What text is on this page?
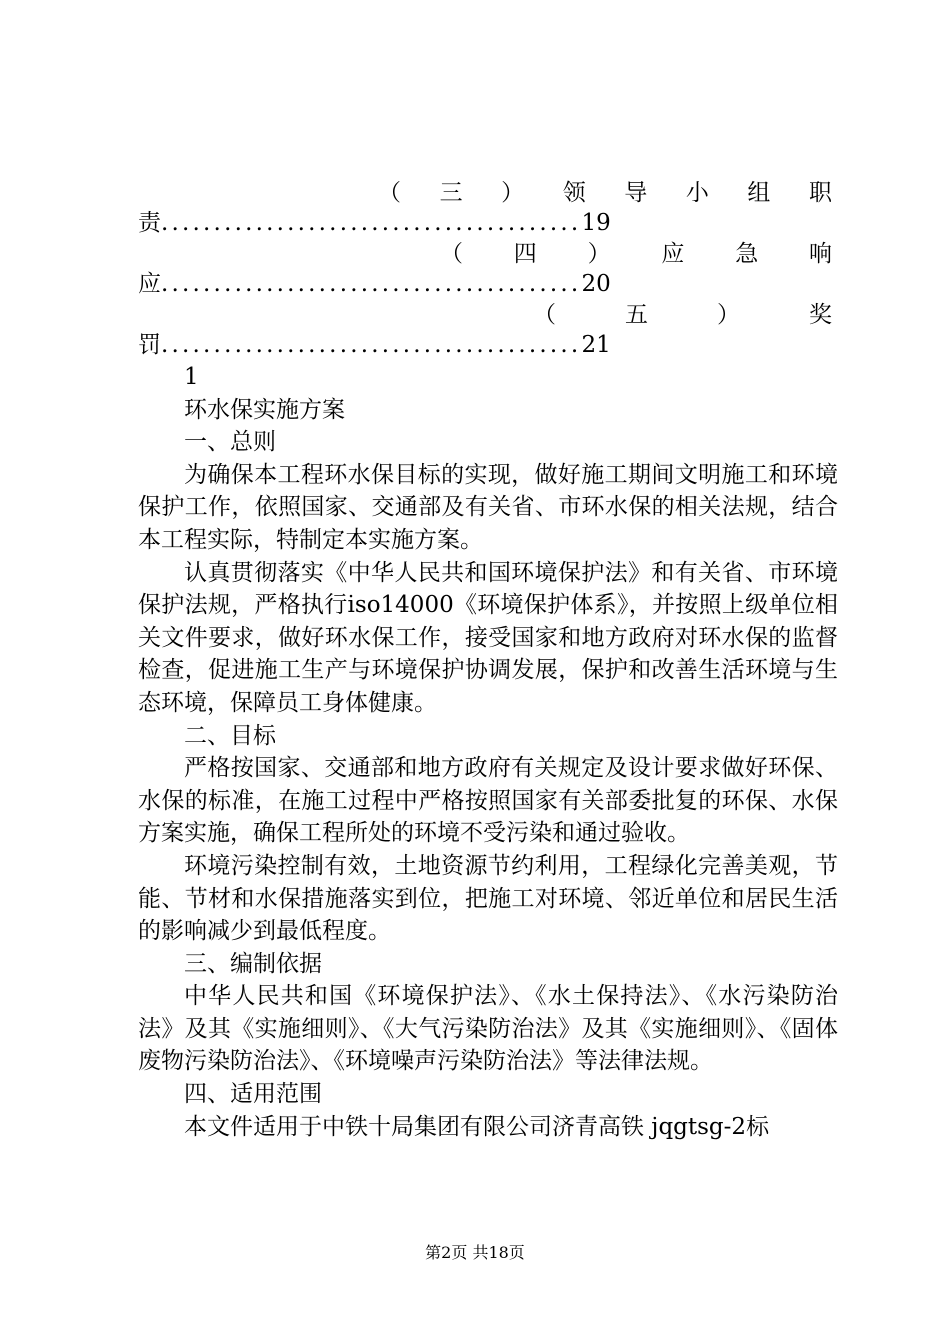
（ 三 ） 领 导 小 组 职
责........................................19
（ 四 ） 应 急 响
应........................................20
（	五	）	奖
罚........................................21

1

环水保实施方案

一、总则

为确保本工程环水保目标的实现，做好施工期间文明施工和环境保护工作，依照国家、交通部及有关省、市环水保的相关法规，结合本工程实际，特制定本实施方案。

认真贯彻落实《中华人民共和国环境保护法》和有关省、市环境保护法规，严格执行iso14000《环境保护体系》，并按照上级单位相关文件要求，做好环水保工作，接受国家和地方政府对环水保的监督检查，促进施工生产与环境保护协调发展，保护和改善生活环境与生态环境，保障员工身体健康。

二、目标

严格按国家、交通部和地方政府有关规定及设计要求做好环保、水保的标准，在施工过程中严格按照国家有关部委批复的环保、水保方案实施，确保工程所处的环境不受污染和通过验收。

环境污染控制有效，土地资源节约利用，工程绿化完善美观，节能、节材和水保措施落实到位，把施工对环境、邻近单位和居民生活的影响减少到最低程度。

三、编制依据

中华人民共和国《环境保护法》、《水土保持法》、《水污染防治法》及其《实施细则》、《大气污染防治法》及其《实施细则》、《固体废物污染防治法》、《环境噪声污染防治法》等法律法规。

四、适用范围

本文件适用于中铁十局集团有限公司济青高铁 jqgtsg-2标

第2页 共18页
